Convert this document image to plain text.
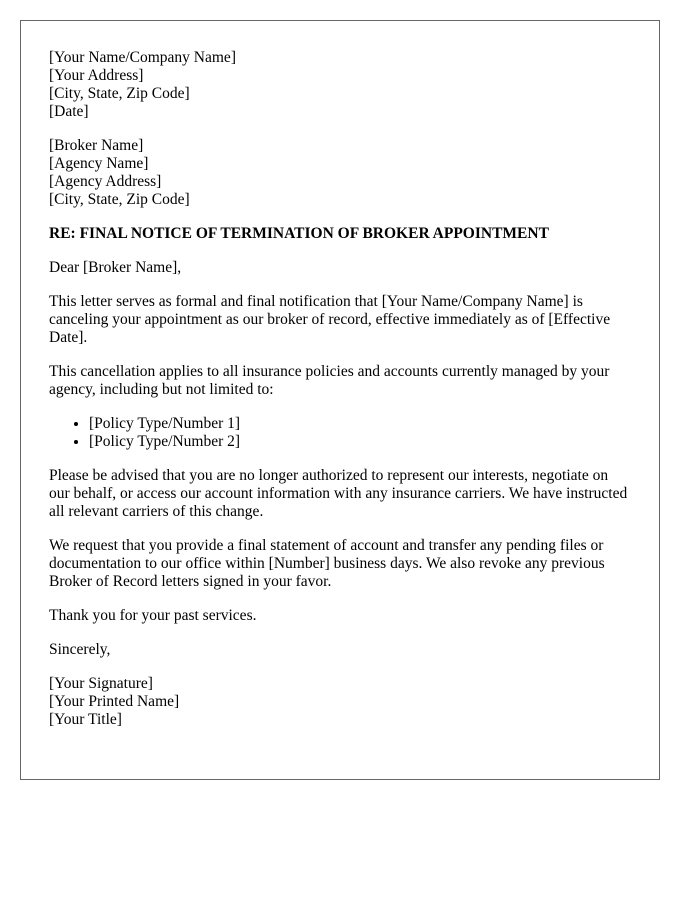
[Your Name/Company Name]
[Your Address]
[City, State, Zip Code]
[Date]
[Broker Name]
[Agency Name]
[Agency Address]
[City, State, Zip Code]
RE: FINAL NOTICE OF TERMINATION OF BROKER APPOINTMENT

Dear [Broker Name],

This letter serves as formal and final notification that [Your Name/Company Name] is canceling your appointment as our broker of record, effective immediately as of [Effective Date].

This cancellation applies to all insurance policies and accounts currently managed by your agency, including but not limited to:

• [Policy Type/Number 1]
• [Policy Type/Number 2]

Please be advised that you are no longer authorized to represent our interests, negotiate on our behalf, or access our account information with any insurance carriers. We have instructed all relevant carriers of this change.

We request that you provide a final statement of account and transfer any pending files or documentation to our office within [Number] business days. We also revoke any previous Broker of Record letters signed in your favor.

Thank you for your past services.

Sincerely,

[Your Signature]
[Your Printed Name]
[Your Title]
